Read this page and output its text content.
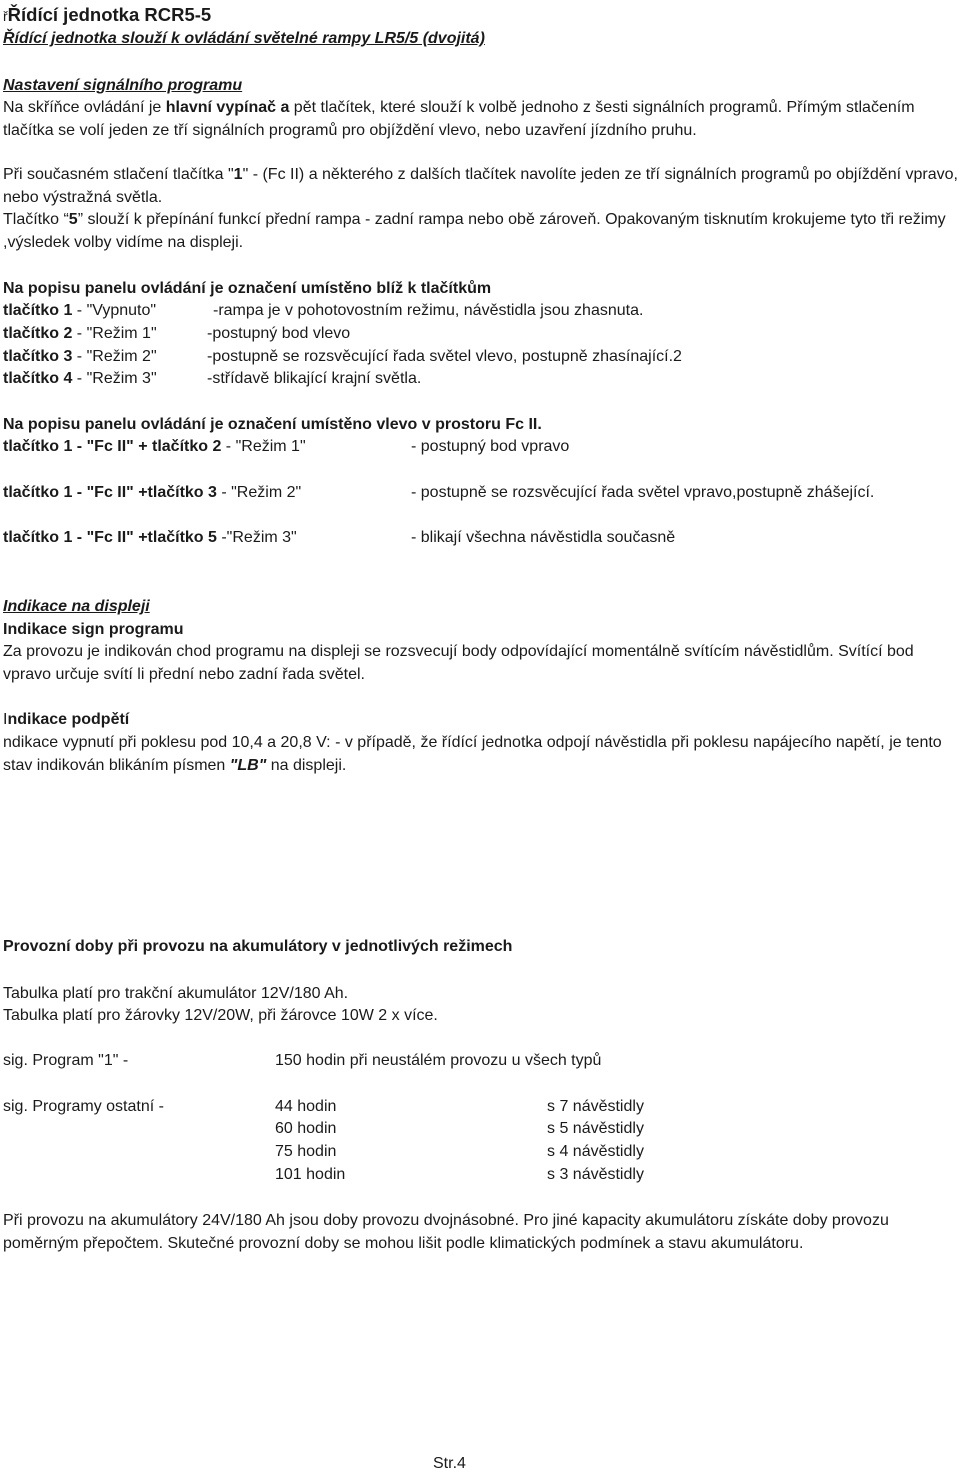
řŘídící jednotka RCR5-5
Řídící jednotka slouží k ovládání světelné rampy LR5/5 (dvojitá)
Nastavení signálního programu

Na skříňce ovládání je hlavní vypínač a pět tlačítek, které slouží k volbě jednoho z šesti signálních programů. Přímým stlačením tlačítka se volí jeden ze tří signálních programů pro objíždění vlevo, nebo uzavření jízdního pruhu.

Při současném stlačení tlačítka "1" - (Fc II) a některého z dalších tlačítek navolíte jeden ze tří signálních programů po objíždění vpravo, nebo výstražná světla.

Tlačítko “5” slouží k přepínání funkcí přední rampa - zadní rampa nebo obě zároveň. Opakovaným tisknutím krokujeme tyto tři režimy ,výsledek volby vidíme na displeji.

Na popisu panelu ovládání je označení umístěno blíž k tlačítkům
tlačítko 1 - "Vypnuto"	-rampa je v pohotovostním režimu, návěstidla jsou zhasnuta.
tlačítko 2 - "Režim 1"	-postupný bod vlevo
tlačítko 3 - "Režim 2"	-postupně se rozsvěcující řada světel vlevo, postupně zhasínající.2
tlačítko 4 - "Režim 3"	-střídavě blikající krajní světla.
Na popisu panelu ovládání je označení umístěno vlevo v prostoru Fc II.
tlačítko 1 - "Fc II" + tlačítko 2 - "Režim 1"	- postupný bod vpravo
tlačítko 1 - "Fc II" +tlačítko 3 - "Režim 2"	- postupně se rozsvěcující řada světel vpravo,postupně zhášející.
tlačítko 1 - "Fc II" +tlačítko 5 -"Režim 3"	- blikají všechna návěstidla současně
Indikace na displeji
Indikace sign programu

Za provozu je indikován chod programu na displeji se rozsvecují body odpovídající momentálně svítícím návěstidlům. Svítící bod vpravo určuje svítí li přední nebo zadní řada světel.

Indikace podpětí

ndikace vypnutí při poklesu pod 10,4 a 20,8 V: - v případě, že řídící jednotka odpojí návěstidla při poklesu napájecího napětí, je tento stav indikován blikáním písmen "LB" na displeji.

Provozní doby při provozu na akumulátory v jednotlivých režimech
Tabulka platí pro trakční akumulátor 12V/180 Ah.
Tabulka platí pro žárovky 12V/20W, při žárovce 10W 2 x více.
sig. Program "1" -	150 hodin při neustálém provozu u všech typů
sig. Programy ostatní -	44 hodin	s 7 návěstidly
60 hodin	s 5 návěstidly
75 hodin	s 4 návěstidly
101 hodin	s 3 návěstidly

Při provozu na akumulátory 24V/180 Ah jsou doby provozu dvojnásobné. Pro jiné kapacity akumulátoru získáte doby provozu poměrným přepočtem. Skutečné provozní doby se mohou lišit podle klimatických podmínek a stavu akumulátoru.

Str.4
